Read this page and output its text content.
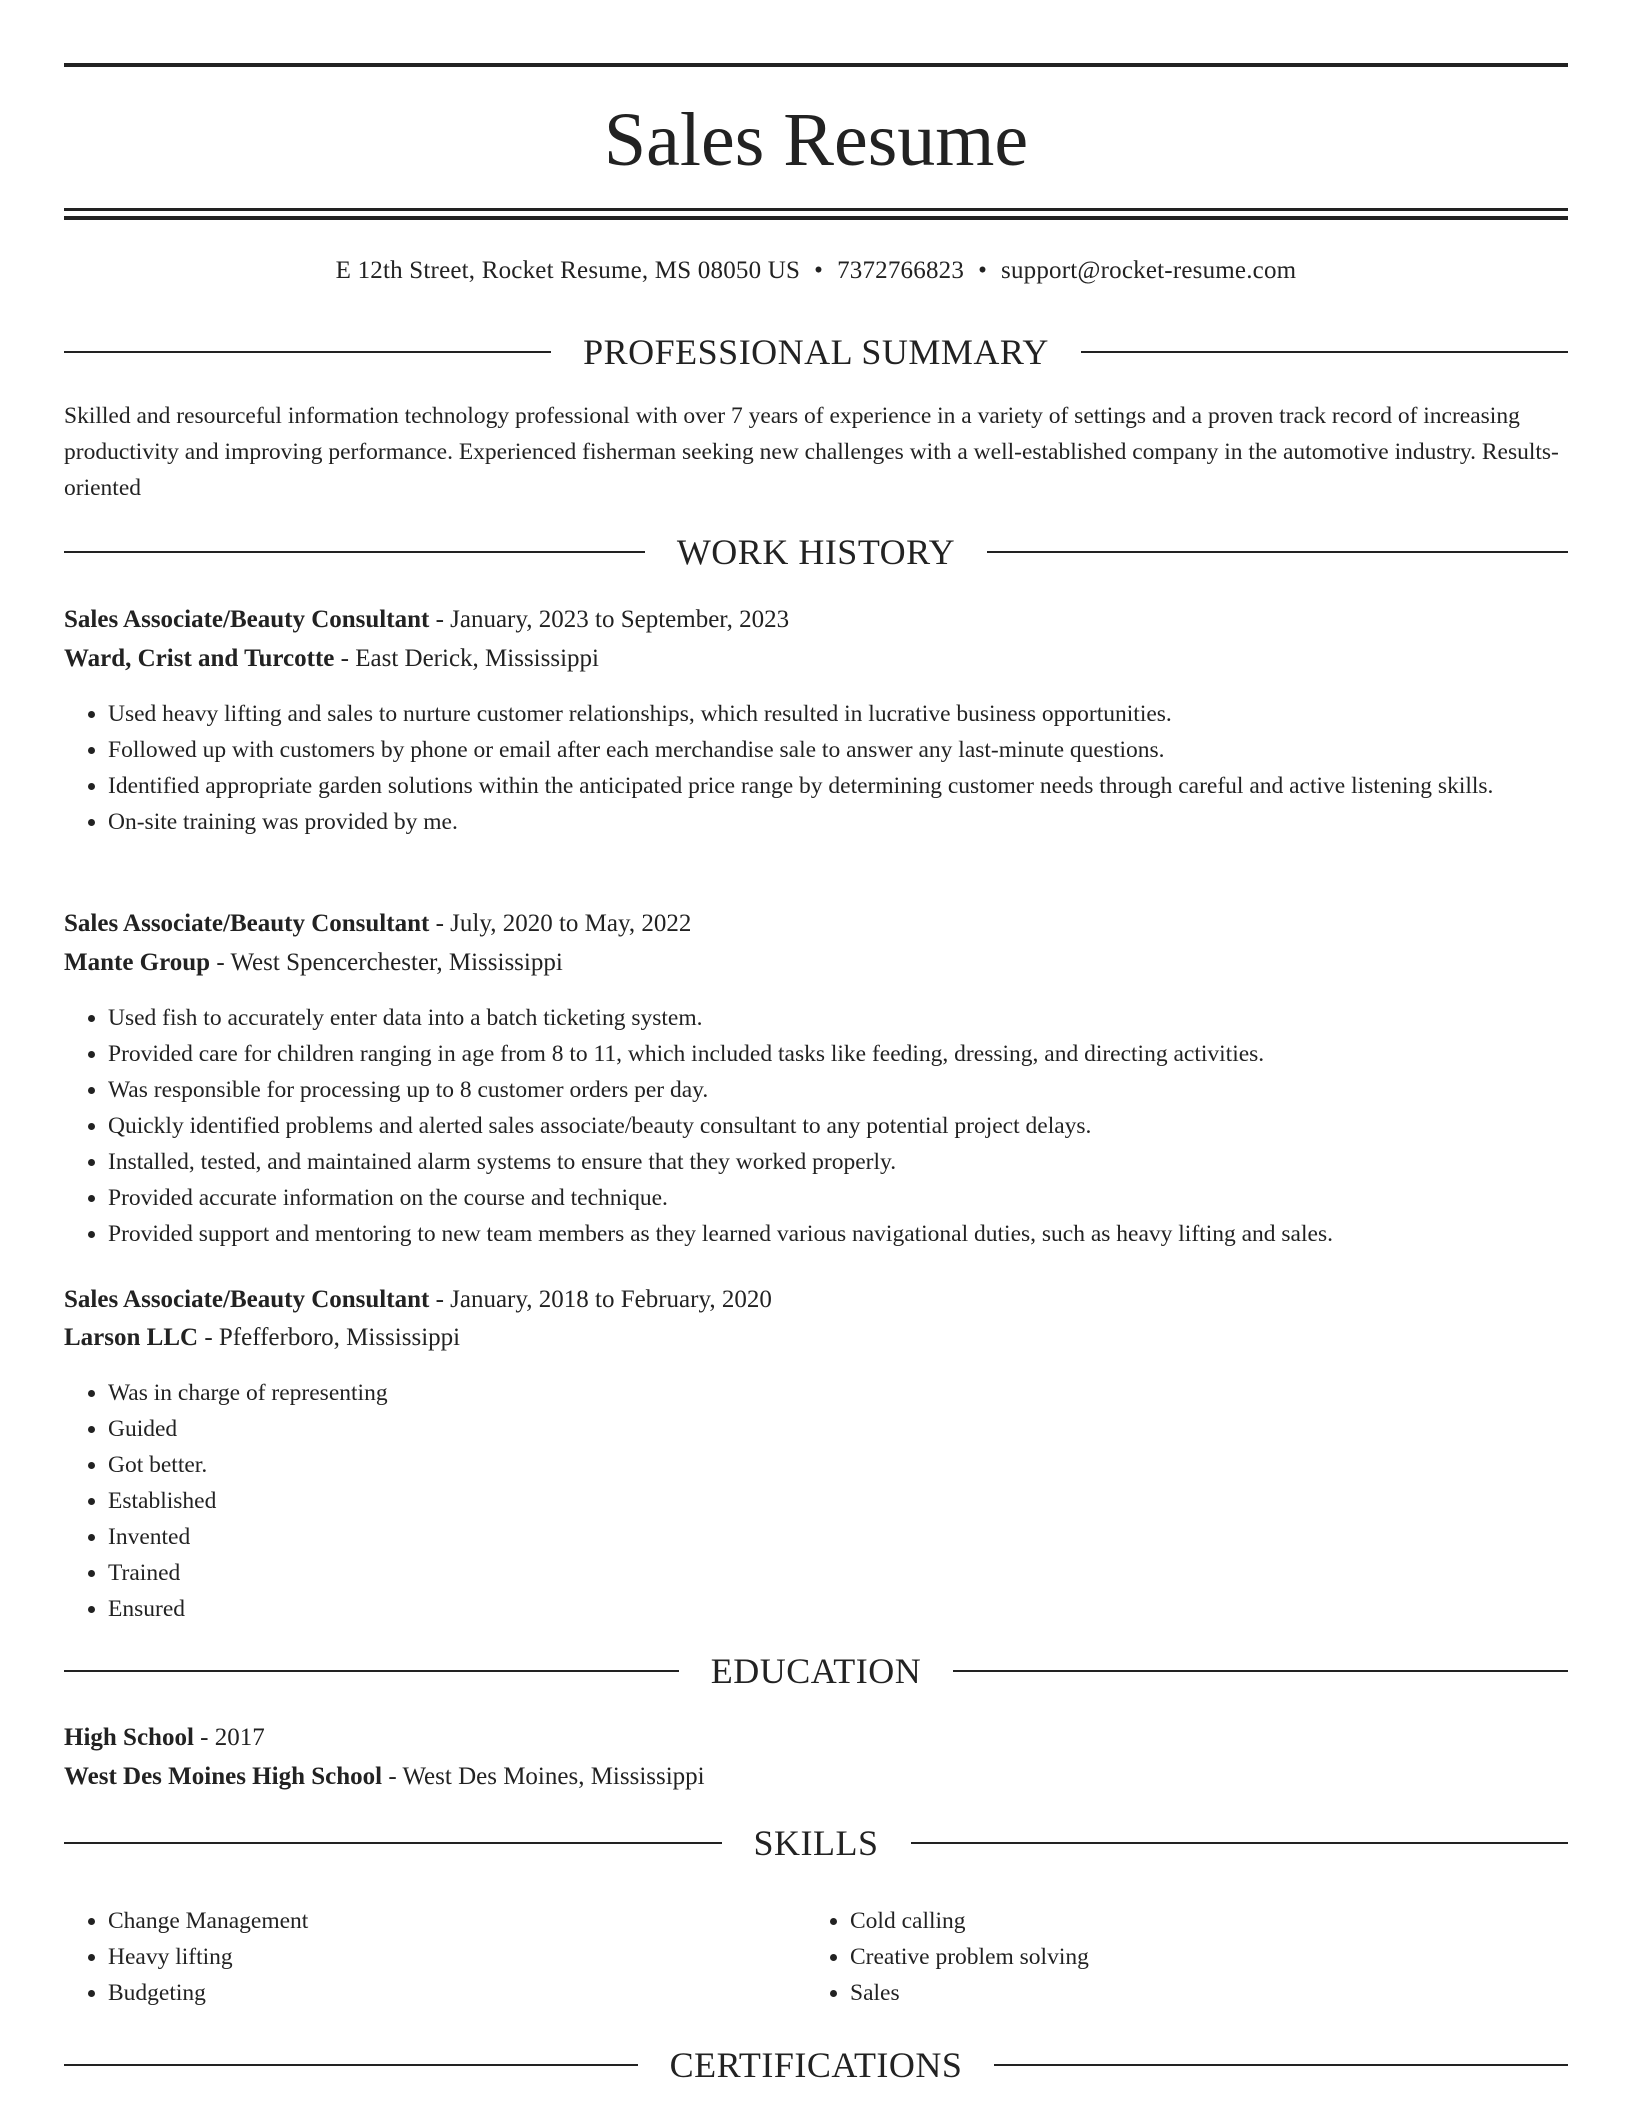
Sales Resume
E 12th Street, Rocket Resume, MS 08050 US • 7372766823 • support@rocket-resume.com
PROFESSIONAL SUMMARY

Skilled and resourceful information technology professional with over 7 years of experience in a variety of settings and a proven track record of increasing productivity and improving performance. Experienced fisherman seeking new challenges with a well-established company in the automotive industry. Results-oriented

WORK HISTORY
Sales Associate/Beauty Consultant - January, 2023 to September, 2023
Ward, Crist and Turcotte - East Derick, Mississippi
• Used heavy lifting and sales to nurture customer relationships, which resulted in lucrative business opportunities.
• Followed up with customers by phone or email after each merchandise sale to answer any last-minute questions.
• Identified appropriate garden solutions within the anticipated price range by determining customer needs through careful and active listening skills.
• On-site training was provided by me.
Sales Associate/Beauty Consultant - July, 2020 to May, 2022
Mante Group - West Spencerchester, Mississippi
• Used fish to accurately enter data into a batch ticketing system.
• Provided care for children ranging in age from 8 to 11, which included tasks like feeding, dressing, and directing activities.
• Was responsible for processing up to 8 customer orders per day.
• Quickly identified problems and alerted sales associate/beauty consultant to any potential project delays.
• Installed, tested, and maintained alarm systems to ensure that they worked properly.
• Provided accurate information on the course and technique.
• Provided support and mentoring to new team members as they learned various navigational duties, such as heavy lifting and sales.
Sales Associate/Beauty Consultant - January, 2018 to February, 2020
Larson LLC - Pfefferboro, Mississippi
• Was in charge of representing
• Guided
• Got better.
• Established
• Invented
• Trained
• Ensured
EDUCATION
High School - 2017
West Des Moines High School - West Des Moines, Mississippi
SKILLS
• Change Management
• Heavy lifting
• Budgeting
• Cold calling
• Creative problem solving
• Sales
CERTIFICATIONS
